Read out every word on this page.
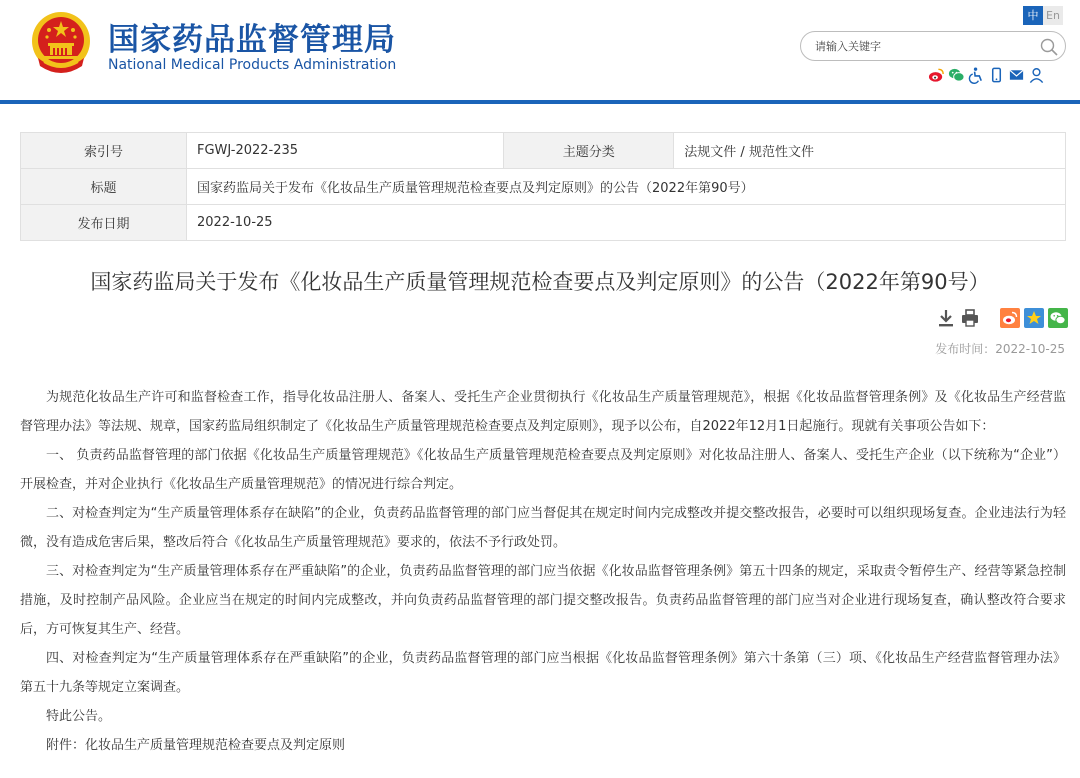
国家药品监督管理局
National Medical Products Administration
中 En
请输入关键字
索引号	FGWJ-2022-235	主题分类	法规文件 / 规范性文件
标题	国家药监局关于发布《化妆品生产质量管理规范检查要点及判定原则》的公告（2022年第90号）		
发布日期	2022-10-25		
国家药监局关于发布《化妆品生产质量管理规范检查要点及判定原则》的公告（2022年第90号）
发布时间：2022-10-25

为规范化妆品生产许可和监督检查工作，指导化妆品注册人、备案人、受托生产企业贯彻执行《化妆品生产质量管理规范》，根据《化妆品监督管理条例》及《化妆品生产经营监督管理办法》等法规、规章，国家药监局组织制定了《化妆品生产质量管理规范检查要点及判定原则》，现予以公布，自2022年12月1日起施行。现就有关事项公告如下：

一、 负责药品监督管理的部门依据《化妆品生产质量管理规范》《化妆品生产质量管理规范检查要点及判定原则》对化妆品注册人、备案人、受托生产企业（以下统称为“企业”）开展检查，并对企业执行《化妆品生产质量管理规范》的情况进行综合判定。

二、对检查判定为“生产质量管理体系存在缺陷”的企业，负责药品监督管理的部门应当督促其在规定时间内完成整改并提交整改报告，必要时可以组织现场复查。企业违法行为轻微，没有造成危害后果，整改后符合《化妆品生产质量管理规范》要求的，依法不予行政处罚。

三、对检查判定为“生产质量管理体系存在严重缺陷”的企业，负责药品监督管理的部门应当依据《化妆品监督管理条例》第五十四条的规定，采取责令暂停生产、经营等紧急控制措施，及时控制产品风险。企业应当在规定的时间内完成整改，并向负责药品监督管理的部门提交整改报告。负责药品监督管理的部门应当对企业进行现场复查，确认整改符合要求后，方可恢复其生产、经营。

四、对检查判定为“生产质量管理体系存在严重缺陷”的企业，负责药品监督管理的部门应当根据《化妆品监督管理条例》第六十条第（三）项、《化妆品生产经营监督管理办法》第五十九条等规定立案调查。

特此公告。

附件：化妆品生产质量管理规范检查要点及判定原则
